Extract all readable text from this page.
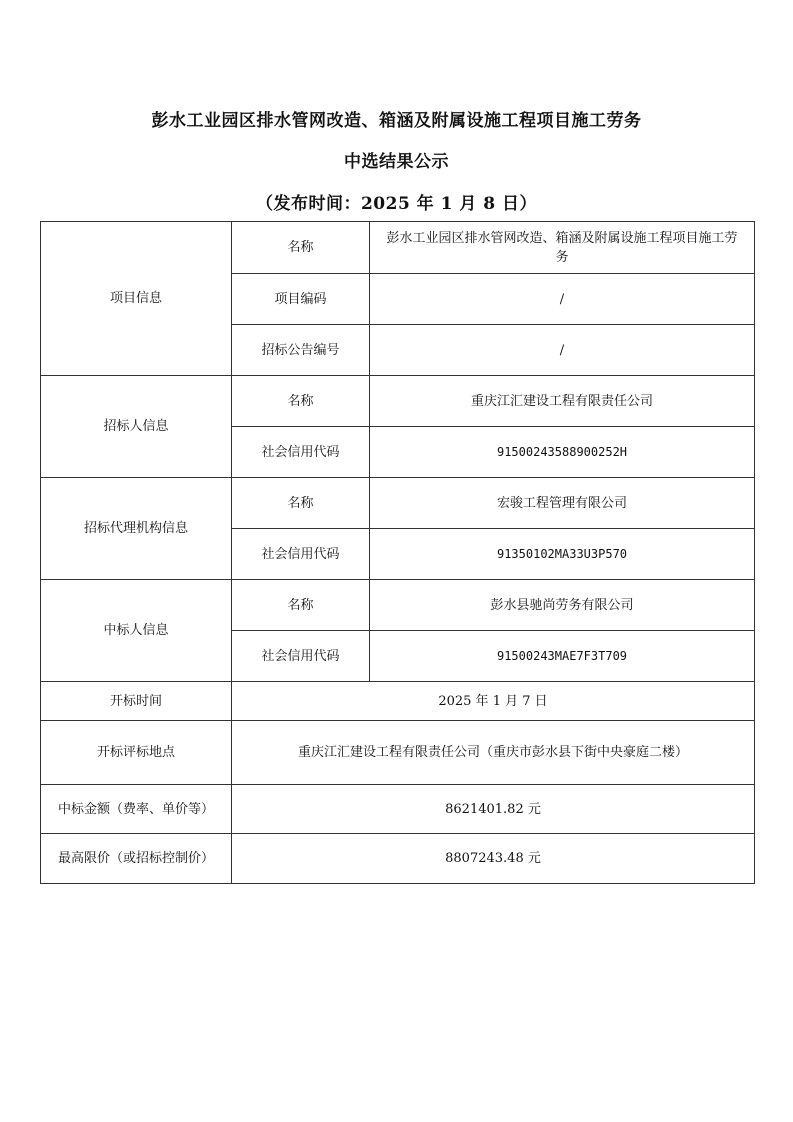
彭水工业园区排水管网改造、箱涵及附属设施工程项目施工劳务
中选结果公示
（发布时间：2025 年 1 月 8 日）
项目信息	名称	彭水工业园区排水管网改造、箱涵及附属设施工程项目施工劳务
	项目编码	/
	招标公告编号	/
招标人信息	名称	重庆江汇建设工程有限责任公司
	社会信用代码	91500243588900252H
招标代理机构信息	名称	宏骏工程管理有限公司
	社会信用代码	91350102MA33U3P570
中标人信息	名称	彭水县驰尚劳务有限公司
	社会信用代码	91500243MAE7F3T709
开标时间	2025 年 1 月 7 日	
开标评标地点	重庆江汇建设工程有限责任公司（重庆市彭水县下街中央豪庭二楼）	
中标金额（费率、单价等）	8621401.82 元	
最高限价（或招标控制价）	8807243.48 元	
